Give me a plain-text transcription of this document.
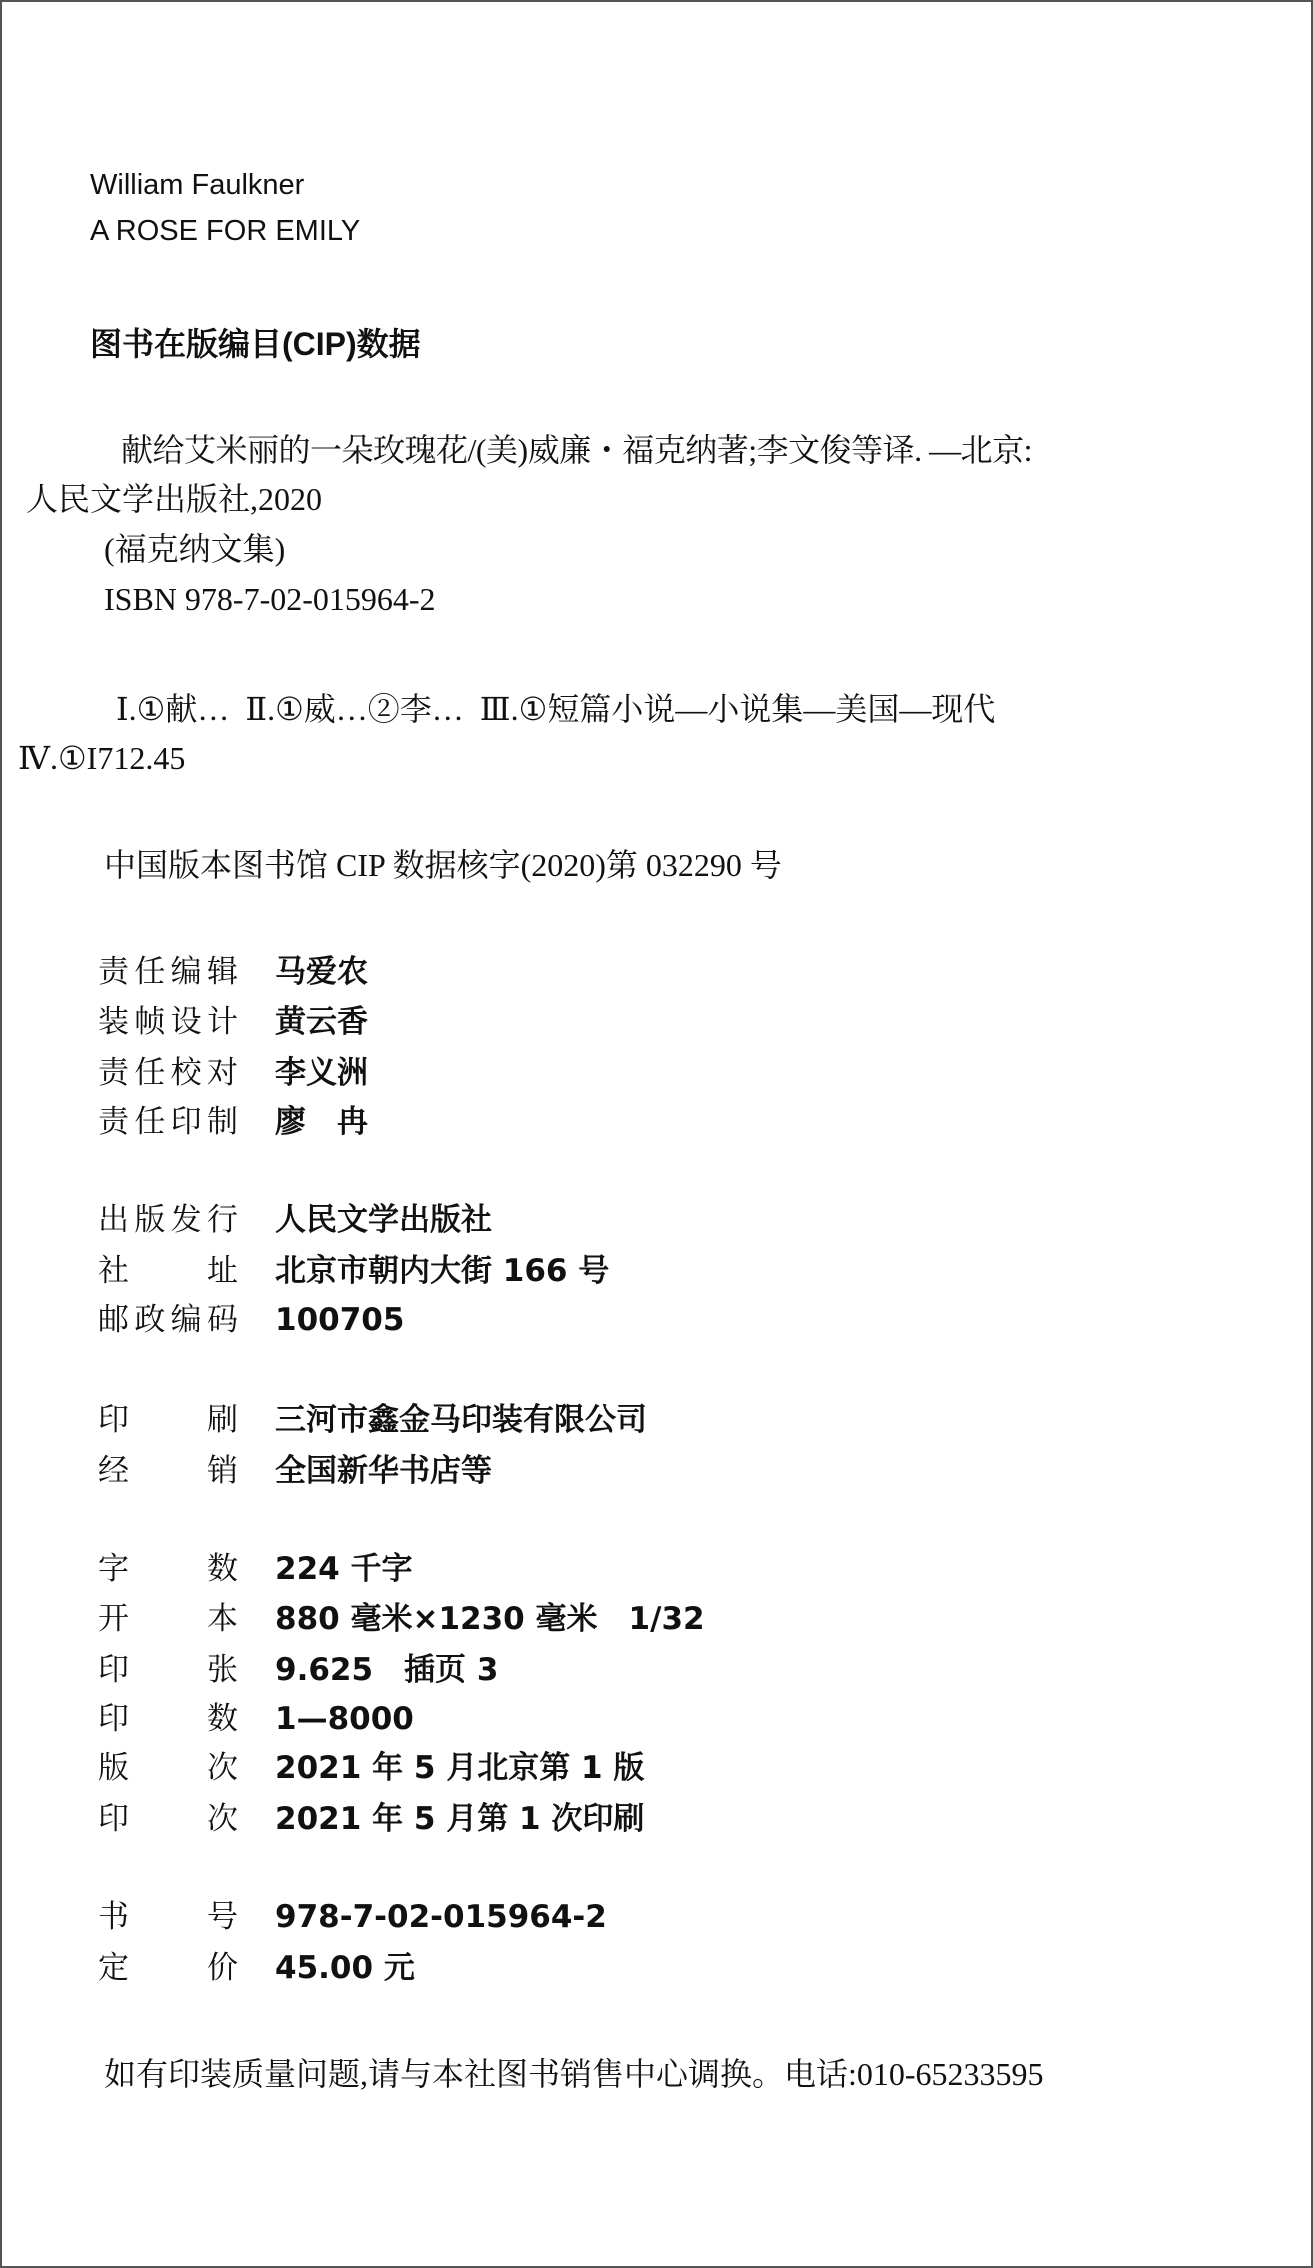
William Faulkner
A ROSE FOR EMILY
图书在版编目(CIP)数据
献给艾米丽的一朵玫瑰花/(美)威廉・福克纳著;李文俊等译. —北京:
人民文学出版社,2020
(福克纳文集)
ISBN 978-7-02-015964-2
Ⅰ.①献…  Ⅱ.①威…②李…  Ⅲ.①短篇小说—小说集—美国—现代
Ⅳ.①I712.45
中国版本图书馆 CIP 数据核字(2020)第 032290 号
责任编辑 马爱农
装帧设计 黄云香
责任校对 李义洲
责任印制 廖　冉
出版发行 人民文学出版社
社址 北京市朝内大街 166 号
邮政编码 100705
印刷 三河市鑫金马印装有限公司
经销 全国新华书店等
字数 224 千字
开本 880 毫米×1230 毫米　1/32
印张 9.625　插页 3
印数 1—8000
版次 2021 年 5 月北京第 1 版
印次 2021 年 5 月第 1 次印刷
书号 978-7-02-015964-2
定价 45.00 元
如有印装质量问题,请与本社图书销售中心调换。电话:010-65233595
